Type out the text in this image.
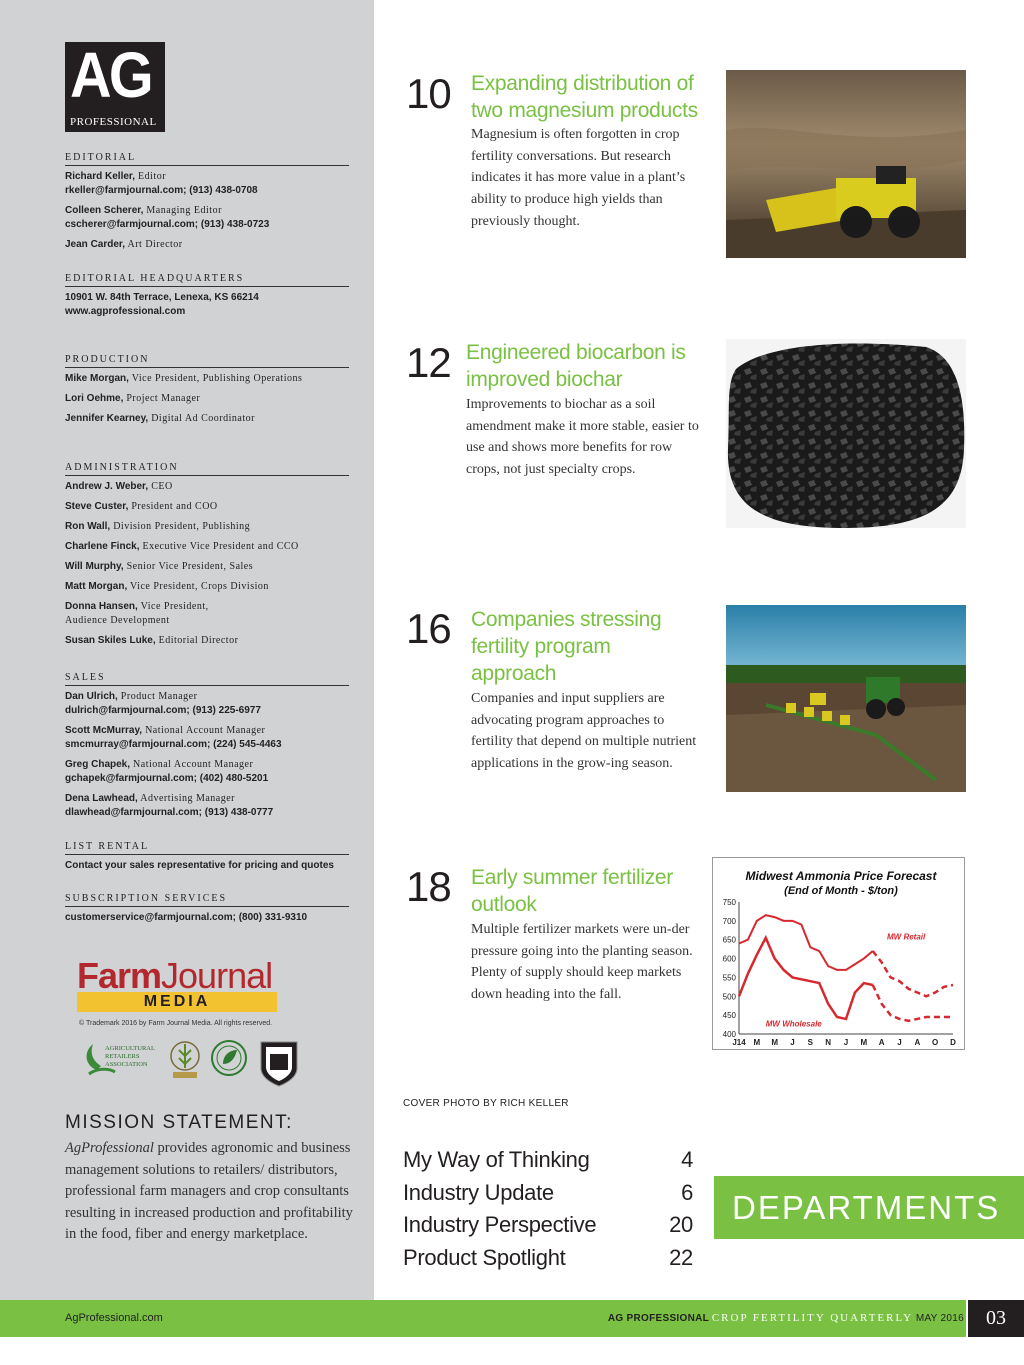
AG
PROFESSIONAL
EDITORIAL
Richard Keller, Editor
rkeller@farmjournal.com; (913) 438-0708
Colleen Scherer, Managing Editor
cscherer@farmjournal.com; (913) 438-0723
Jean Carder, Art Director
EDITORIAL HEADQUARTERS
10901 W. 84th Terrace, Lenexa, KS 66214
www.agprofessional.com
PRODUCTION
Mike Morgan, Vice President, Publishing Operations
Lori Oehme, Project Manager
Jennifer Kearney, Digital Ad Coordinator
ADMINISTRATION
Andrew J. Weber, CEO
Steve Custer, President and COO
Ron Wall, Division President, Publishing
Charlene Finck, Executive Vice President and CCO
Will Murphy, Senior Vice President, Sales
Matt Morgan, Vice President, Crops Division
Donna Hansen, Vice President, Audience Development
Susan Skiles Luke, Editorial Director
SALES
Dan Ulrich, Product Manager
dulrich@farmjournal.com; (913) 225-6977
Scott McMurray, National Account Manager
smcmurray@farmjournal.com; (224) 545-4463
Greg Chapek, National Account Manager
gchapek@farmjournal.com; (402) 480-5201
Dena Lawhead, Advertising Manager
dlawhead@farmjournal.com; (913) 438-0777
LIST RENTAL
Contact your sales representative for pricing and quotes
SUBSCRIPTION SERVICES
customerservice@farmjournal.com; (800) 331-9310
FarmJournal
MEDIA
© Trademark 2016 by Farm Journal Media. All rights reserved.
AGRICULTURAL
RETAILERS
ASSOCIATION
MISSION STATEMENT:

AgProfessional provides agronomic and business management solutions to retailers/ distributors, professional farm managers and crop consultants resulting in increased production and profitability in the food, fiber and energy marketplace.

10 Expanding distribution of two magnesium products
Magnesium is often forgotten in crop fertility conversations. But research indicates it has more value in a plant’s ability to produce high yields than previously thought.
12 Engineered biocarbon is improved biochar
Improvements to biochar as a soil amendment make it more stable, easier to use and shows more benefits for row crops, not just specialty crops.
16 Companies stressing fertility program approach
Companies and input suppliers are advocating program approaches to fertility that depend on multiple nutrient applications in the grow-ing season.
18 Early summer fertilizer outlook
Multiple fertilizer markets were un-der pressure going into the planting season. Plenty of supply should keep markets down heading into the fall.
Midwest Ammonia Price Forecast
(End of Month - $/ton)
400
450
500
550
600
650
700
750
J14 M M J S N J M A J A O D
MW Retail
MW Wholesale
COVER PHOTO BY RICH KELLER
My Way of Thinking	4
Industry Update	6
Industry Perspective	20
Product Spotlight	22
DEPARTMENTS
AgProfessional.com	AG PROFESSIONAL CROP FERTILITY QUARTERLY MAY 2016	03
